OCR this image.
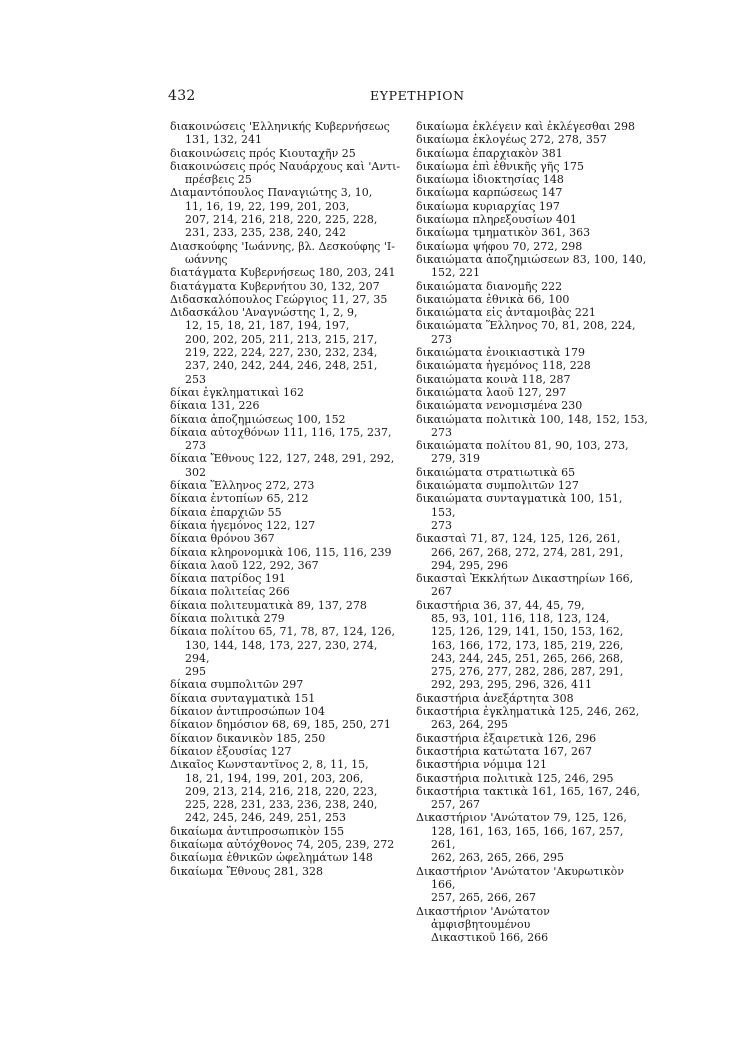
432	ΕΥΡΕΤΗΡΙΟΝ
διακοινώσεις 'Ελληνικής Κυβερνήσεως
131, 132, 241
διακοινώσεις πρός Κιουταχῆν 25
διακοινώσεις πρός Ναυάρχους καὶ 'Αντι-
πρέσβεις 25
Διαμαντόπουλος Παναγιώτης 3, 10,
11, 16, 19, 22, 199, 201, 203,
207, 214, 216, 218, 220, 225, 228,
231, 233, 235, 238, 240, 242
Διασκούφης 'Ιωάννης, βλ. Δεσκούφης 'Ι-
ωάννης
διατάγματα Κυβερνήσεως 180, 203, 241
διατάγματα Κυβερνήτου 30, 132, 207
Διδασκαλόπουλος Γεώργιος 11, 27, 35
Διδασκάλου 'Αναγνώστης 1, 2, 9,
12, 15, 18, 21, 187, 194, 197,
200, 202, 205, 211, 213, 215, 217,
219, 222, 224, 227, 230, 232, 234,
237, 240, 242, 244, 246, 248, 251,
253
δίκαι ἐγκληματικαὶ 162
δίκαια 131, 226
δίκαια ἀποζημιώσεως 100, 152
δίκαια αὐτοχθόνων 111, 116, 175, 237,
273
δίκαια Ἔθνους 122, 127, 248, 291, 292,
302
δίκαια Ἕλληνος 272, 273
δίκαια ἐντοπίων 65, 212
δίκαια ἐπαρχιῶν 55
δίκαια ἡγεμόνος 122, 127
δίκαια θρόνου 367
δίκαια κληρονομικὰ 106, 115, 116, 239
δίκαια λαοῦ 122, 292, 367
δίκαια πατρίδος 191
δίκαια πολιτείας 266
δίκαια πολιτευματικὰ 89, 137, 278
δίκαια πολιτικὰ 279
δίκαια πολίτου 65, 71, 78, 87, 124, 126,
130, 144, 148, 173, 227, 230, 274, 294,
295
δίκαια συμπολιτῶν 297
δίκαια συνταγματικὰ 151
δίκαιον ἀντιπροσώπων 104
δίκαιον δημόσιον 68, 69, 185, 250, 271
δίκαιον δικανικὸν 185, 250
δίκαιον ἐξουσίας 127
Δικαῖος Κωνσταντῖνος 2, 8, 11, 15,
18, 21, 194, 199, 201, 203, 206,
209, 213, 214, 216, 218, 220, 223,
225, 228, 231, 233, 236, 238, 240,
242, 245, 246, 249, 251, 253
δικαίωμα ἀντιπροσωπικὸν 155
δικαίωμα αὐτόχθονος 74, 205, 239, 272
δικαίωμα ἐθνικῶν ὠφελημάτων 148
δικαίωμα Ἔθνους 281, 328
δικαίωμα ἐκλέγειν καὶ ἐκλέγεσθαι 298
δικαίωμα ἐκλογέως 272, 278, 357
δικαίωμα ἐπαρχιακὸν 381
δικαίωμα ἐπὶ ἐθνικῆς γῆς 175
δικαίωμα ἰδιοκτησίας 148
δικαίωμα καρπώσεως 147
δικαίωμα κυριαρχίας 197
δικαίωμα πληρεξουσίων 401
δικαίωμα τμηματικὸν 361, 363
δικαίωμα ψήφου 70, 272, 298
δικαιώματα ἀποζημιώσεων 83, 100, 140,
152, 221
δικαιώματα διανομῆς 222
δικαιώματα ἐθνικὰ 66, 100
δικαιώματα εἰς ἀνταμοιβὰς 221
δικαιώματα Ἕλληνος 70, 81, 208, 224,
273
δικαιώματα ἐνοικιαστικὰ 179
δικαιώματα ἡγεμόνος 118, 228
δικαιώματα κοινὰ 118, 287
δικαιώματα λαοῦ 127, 297
δικαιώματα νενομισμένα 230
δικαιώματα πολιτικὰ 100, 148, 152, 153,
273
δικαιώματα πολίτου 81, 90, 103, 273,
279, 319
δικαιώματα στρατιωτικὰ 65
δικαιώματα συμπολιτῶν 127
δικαιώματα συνταγματικὰ 100, 151, 153,
273
δικασταὶ 71, 87, 124, 125, 126, 261,
266, 267, 268, 272, 274, 281, 291,
294, 295, 296
δικασταὶ Ἐκκλήτων Δικαστηρίων 166, 267
δικαστήρια 36, 37, 44, 45, 79,
85, 93, 101, 116, 118, 123, 124,
125, 126, 129, 141, 150, 153, 162,
163, 166, 172, 173, 185, 219, 226,
243, 244, 245, 251, 265, 266, 268,
275, 276, 277, 282, 286, 287, 291,
292, 293, 295, 296, 326, 411
δικαστήρια ἀνεξάρτητα 308
δικαστήρια ἐγκληματικὰ 125, 246, 262,
263, 264, 295
δικαστήρια ἐξαιρετικὰ 126, 296
δικαστήρια κατώτατα 167, 267
δικαστήρια νόμιμα 121
δικαστήρια πολιτικὰ 125, 246, 295
δικαστήρια τακτικὰ 161, 165, 167, 246,
257, 267
Δικαστήριον 'Ανώτατον 79, 125, 126,
128, 161, 163, 165, 166, 167, 257, 261,
262, 263, 265, 266, 295
Δικαστήριον 'Ανώτατον 'Ακυρωτικὸν 166,
257, 265, 266, 267
Δικαστήριον 'Ανώτατον ἀμφισβητουμένου
Δικαστικοῦ 166, 266
